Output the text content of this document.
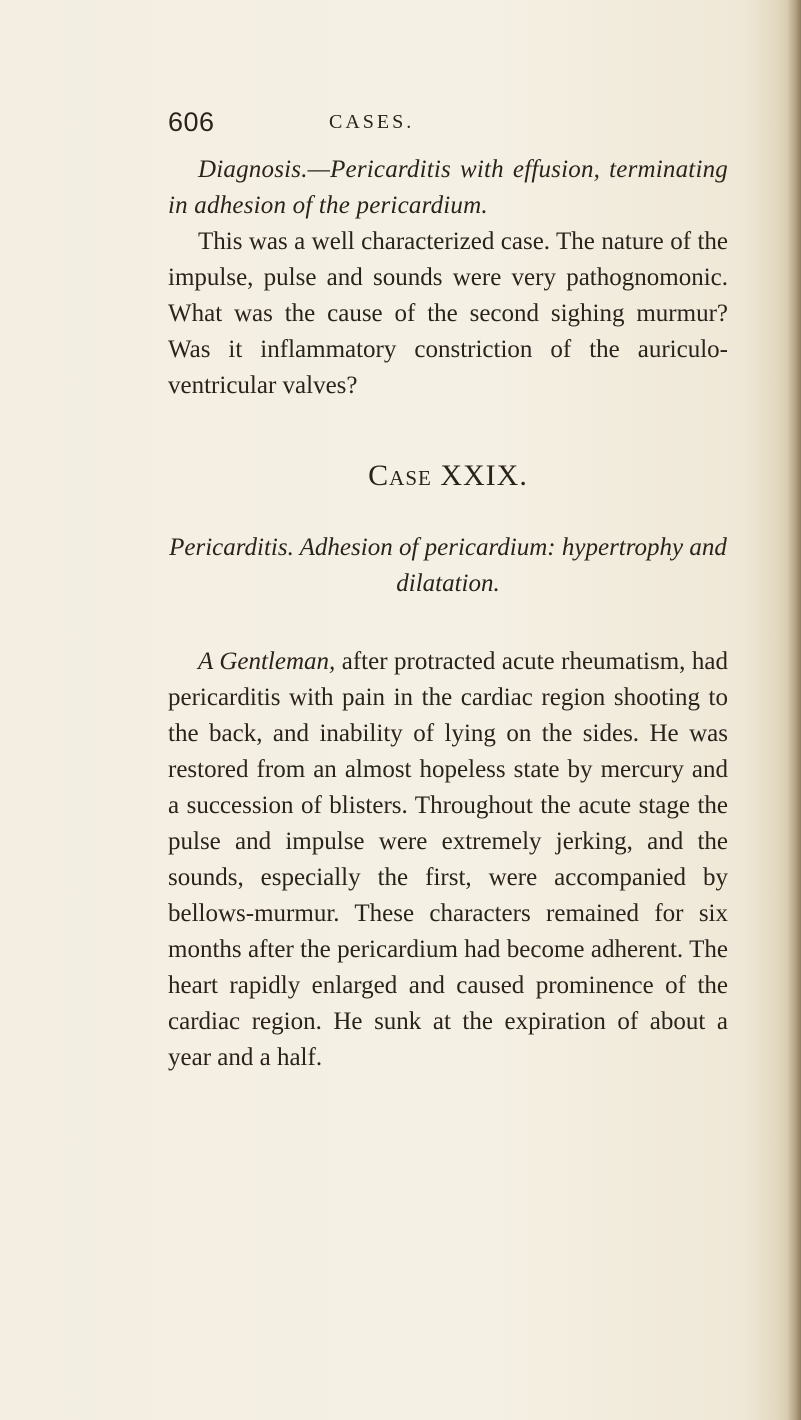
606	CASES.

Diagnosis.—Pericarditis with effusion, terminating in adhesion of the pericardium.

This was a well characterized case. The nature of the impulse, pulse and sounds were very pathognomonic. What was the cause of the second sighing murmur? Was it inflammatory constriction of the auriculo-ventricular valves?

Case XXIX.
Pericarditis. Adhesion of pericardium: hypertrophy and dilatation.

A Gentleman, after protracted acute rheumatism, had pericarditis with pain in the cardiac region shooting to the back, and inability of lying on the sides. He was restored from an almost hopeless state by mercury and a succession of blisters. Throughout the acute stage the pulse and impulse were extremely jerking, and the sounds, especially the first, were accompanied by bellows-murmur. These characters remained for six months after the pericardium had become adherent. The heart rapidly enlarged and caused prominence of the cardiac region. He sunk at the expiration of about a year and a half.
